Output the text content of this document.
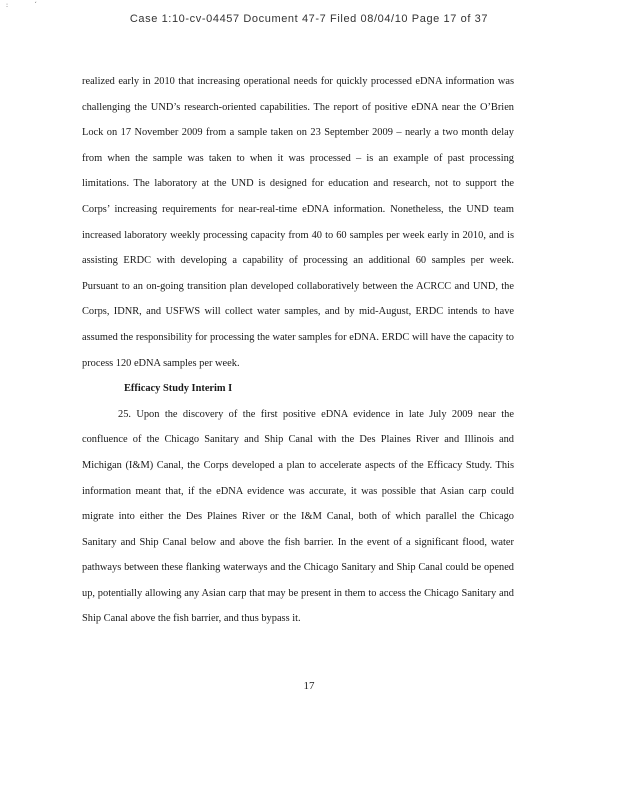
: ´
Case 1:10-cv-04457 Document 47-7 Filed 08/04/10 Page 17 of 37

realized early in 2010 that increasing operational needs for quickly processed eDNA information was challenging the UND’s research-oriented capabilities. The report of positive eDNA near the O’Brien Lock on 17 November 2009 from a sample taken on 23 September 2009 – nearly a two month delay from when the sample was taken to when it was processed – is an example of past processing limitations. The laboratory at the UND is designed for education and research, not to support the Corps’ increasing requirements for near-real-time eDNA information. Nonetheless, the UND team increased laboratory weekly processing capacity from 40 to 60 samples per week early in 2010, and is assisting ERDC with developing a capability of processing an additional 60 samples per week. Pursuant to an on-going transition plan developed collaboratively between the ACRCC and UND, the Corps, IDNR, and USFWS will collect water samples, and by mid-August, ERDC intends to have assumed the responsibility for processing the water samples for eDNA. ERDC will have the capacity to process 120 eDNA samples per week.

Efficacy Study Interim I

25. Upon the discovery of the first positive eDNA evidence in late July 2009 near the confluence of the Chicago Sanitary and Ship Canal with the Des Plaines River and Illinois and Michigan (I&M) Canal, the Corps developed a plan to accelerate aspects of the Efficacy Study. This information meant that, if the eDNA evidence was accurate, it was possible that Asian carp could migrate into either the Des Plaines River or the I&M Canal, both of which parallel the Chicago Sanitary and Ship Canal below and above the fish barrier. In the event of a significant flood, water pathways between these flanking waterways and the Chicago Sanitary and Ship Canal could be opened up, potentially allowing any Asian carp that may be present in them to access the Chicago Sanitary and Ship Canal above the fish barrier, and thus bypass it.

17
